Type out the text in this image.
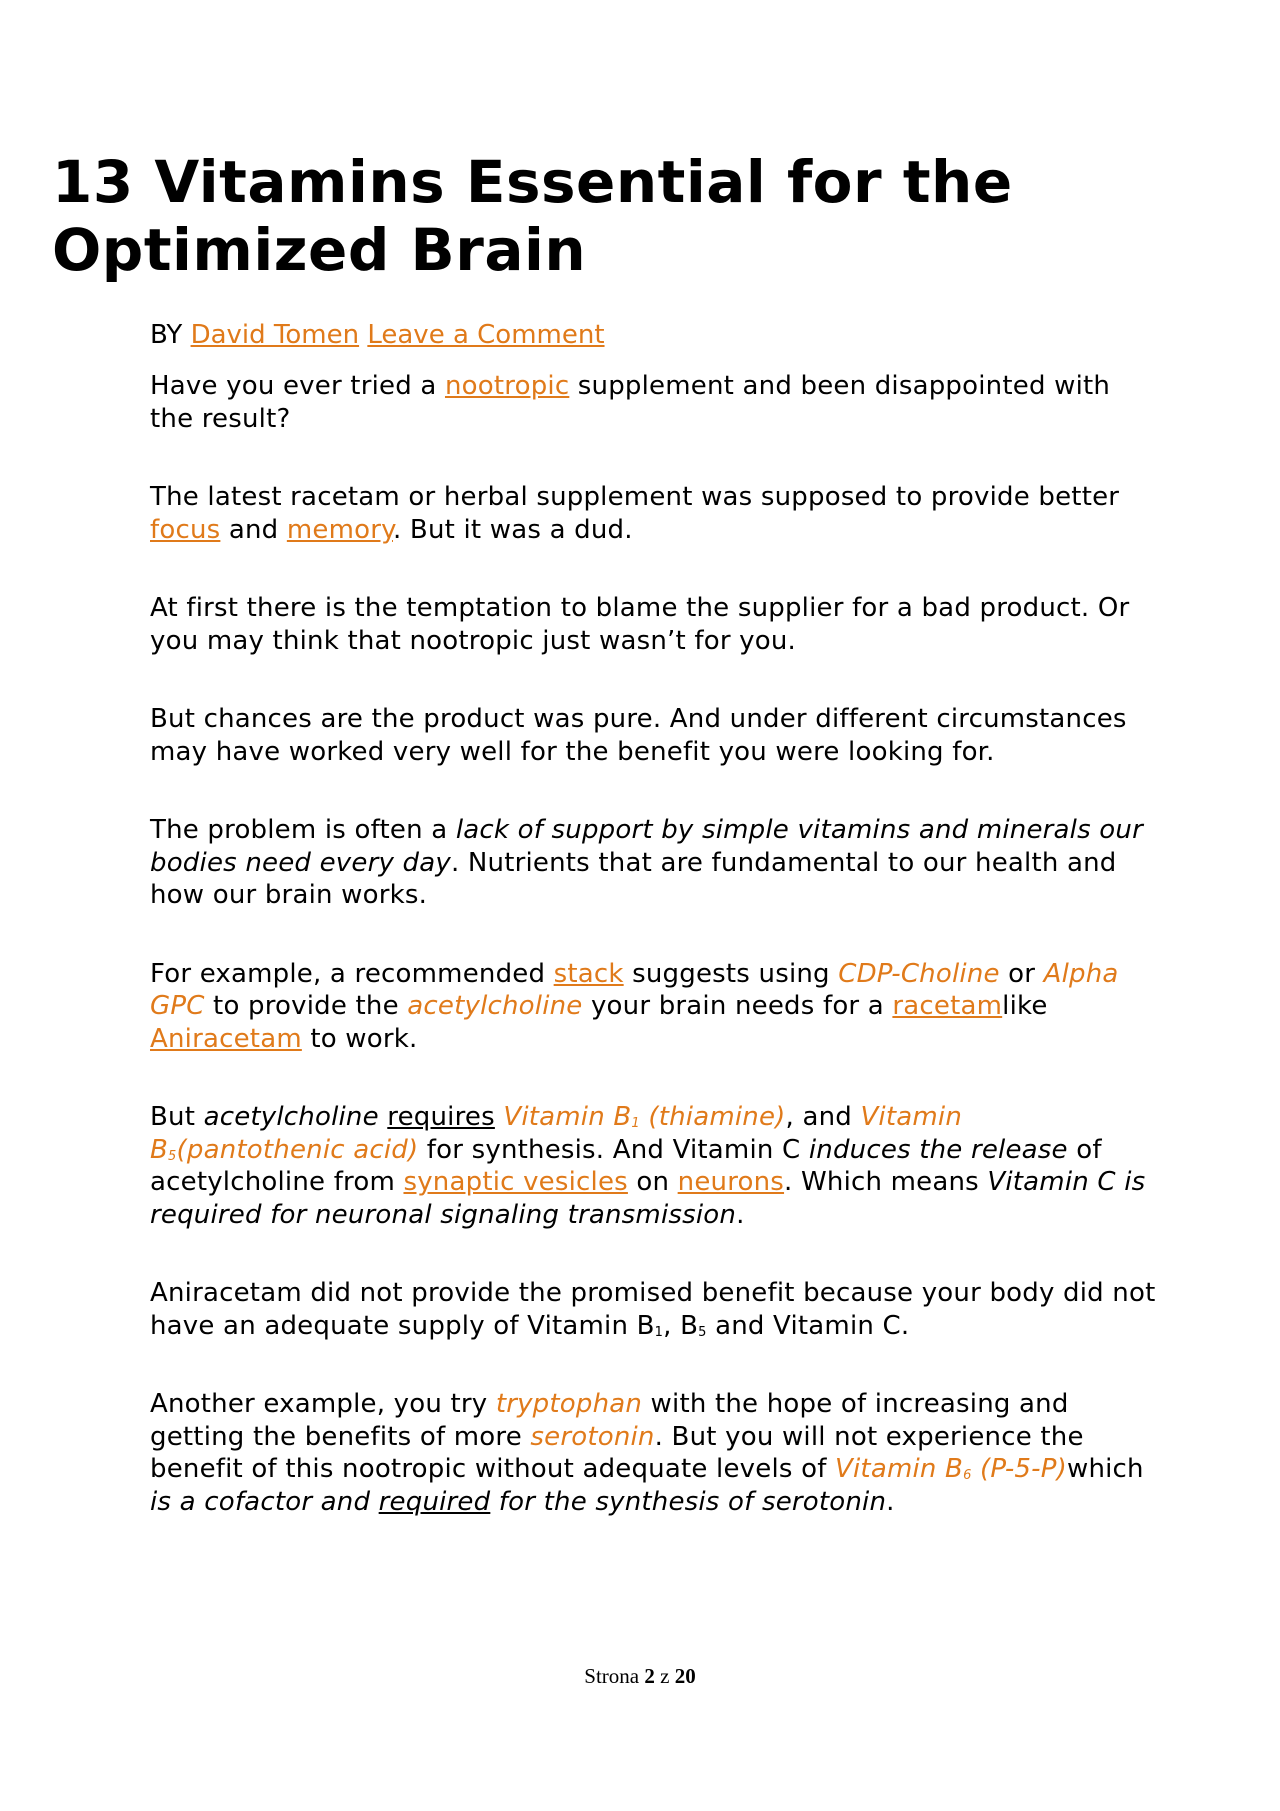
13 Vitamins Essential for the Optimized Brain
BY David Tomen Leave a Comment

Have you ever tried a nootropic supplement and been disappointed with the result?

The latest racetam or herbal supplement was supposed to provide better focus and memory. But it was a dud.

At first there is the temptation to blame the supplier for a bad product. Or you may think that nootropic just wasn’t for you.

But chances are the product was pure. And under different circumstances may have worked very well for the benefit you were looking for.

The problem is often a lack of support by simple vitamins and minerals our bodies need every day. Nutrients that are fundamental to our health and how our brain works.

For example, a recommended stack suggests using CDP-Choline or Alpha GPC to provide the acetylcholine your brain needs for a racetamlike Aniracetam to work.

But acetylcholine requires Vitamin $B_1$ (thiamine), and Vitamin $B_5(pantothenic$ acid) for synthesis. And Vitamin C induces the release of acetylcholine from synaptic vesicles on neurons. Which means Vitamin C is required for neuronal signaling transmission.

Aniracetam did not provide the promised benefit because your body did not have an adequate supply of Vitamin $B_1$, $B_5$ and Vitamin C.

Another example, you try tryptophan with the hope of increasing and getting the benefits of more serotonin. But you will not experience the benefit of this nootropic without adequate levels of Vitamin $B_6$ (P-5-P)which is a cofactor and required for the synthesis of serotonin.

Strona 2 z 20
